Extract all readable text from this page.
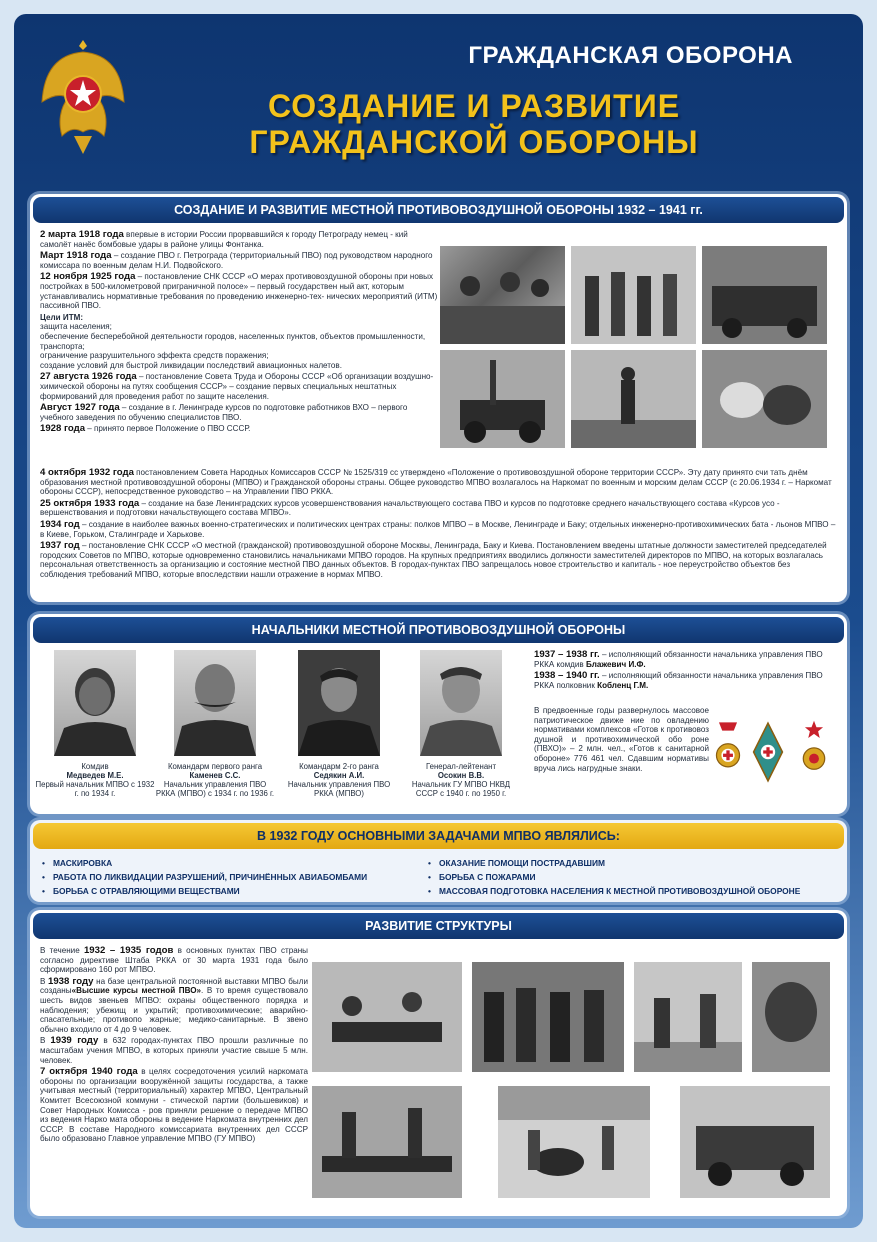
ГРАЖДАНСКАЯ ОБОРОНА
СОЗДАНИЕ И РАЗВИТИЕ
ГРАЖДАНСКОЙ ОБОРОНЫ
СОЗДАНИЕ И РАЗВИТИЕ МЕСТНОЙ ПРОТИВОВОЗДУШНОЙ ОБОРОНЫ 1932 – 1941 гг.
2 марта 1918 года впервые в истории России прорвавшийся к городу Петрограду немец - кий самолёт нанёс бомбовые удары в районе улицы Фонтанка.
Март 1918 года – создание ПВО г. Петрограда (территориальный ПВО) под руководством народного комиссара по военным делам Н.И. Подвойского.
12 ноября 1925 года – постановление СНК СССР «О мерах противовоздушной обороны при новых постройках в 500-километровой приграничной полосе» – первый государствен ный акт, которым устанавливались нормативные требования по проведению инженерно-тех- нических мероприятий (ИТМ) пассивной ПВО.
Цели ИТМ:
защита населения;
обеспечение бесперебойной деятельности городов, населенных пунктов, объектов промышленности, транспорта;
ограничение разрушительного эффекта средств поражения;
создание условий для быстрой ликвидации последствий авиационных налетов.
27 августа 1926 года – постановление Совета Труда и Обороны СССР «Об организации воздушно-химической обороны на путях сообщения СССР» – создание первых специальных нештатных формирований для проведения работ по защите населения.
Август 1927 года – создание в г. Ленинграде курсов по подготовке работников ВХО – первого учебного заведения по обучению специалистов ПВО.
1928 года – принято первое Положение о ПВО СССР.
4 октября 1932 года постановлением Совета Народных Комиссаров СССР № 1525/319 сс утверждено «Положение о противовоздушной обороне территории СССР». Эту дату принято счи тать днём образования местной противовоздушной обороны (МПВО) и Гражданской обороны страны. Общее руководство МПВО возлагалось на Наркомат по военным и морским делам СССР (с 20.06.1934 г. – Наркомат обороны СССР), непосредственное руководство – на Управлении ПВО РККА.
25 октября 1933 года – создание на базе Ленинградских курсов усовершенствования начальствующего состава ПВО и курсов по подготовке среднего начальствующего состава «Курсов усо - вершенствования и подготовки начальствующего состава МПВО».
1934 год – создание в наиболее важных военно-стратегических и политических центрах страны: полков МПВО – в Москве, Ленинграде и Баку; отдельных инженерно-противохимических бата - льонов МПВО – в Киеве, Горьком, Сталинграде и Харькове.
1937 год – постановление СНК СССР «О местной (гражданской) противовоздушной обороне Москвы, Ленинграда, Баку и Киева. Постановлением введены штатные должности заместителей председателей городских Советов по МПВО, которые одновременно становились начальниками МПВО городов. На крупных предприятиях вводились должности заместителей директоров по МПВО, на которых возлагалась персональная ответственность за организацию и состояние местной ПВО данных объектов. В городах-пунктах ПВО запрещалось новое строительство и капиталь - ное переустройство объектов без соблюдения требований МПВО, которые впоследствии нашли отражение в нормах МПВО.
НАЧАЛЬНИКИ МЕСТНОЙ ПРОТИВОВОЗДУШНОЙ ОБОРОНЫ
Комдив
Медведев М.Е.
Первый начальник МПВО с 1932 г. по 1934 г.
Командарм первого ранга
Каменев С.С.
Начальник управления ПВО РККА (МПВО) с 1934 г. по 1936 г.
Командарм 2-го ранга
Седякин А.И.
Начальник управления ПВО РККА (МПВО)
Генерал-лейтенант
Осокин В.В.
Начальник ГУ МПВО НКВД СССР с 1940 г. по 1950 г.
1937 – 1938 гг. – исполняющий обязанности начальника управления ПВО РККА комдив Блажевич И.Ф.
1938 – 1940 гг. – исполняющий обязанности начальника управления ПВО РККА полковник Кобленц Г.М.
В предвоенные годы развернулось массовое патриотическое движе ние по овладению нормативами комплексов «Готов к противовоз душной и противохимической обо роне (ПВХО)» – 2 млн. чел., «Готов к санитарной обороне» 776 461 чел. Сдавшим нормативы вруча лись нагрудные знаки.
В 1932 ГОДУ ОСНОВНЫМИ ЗАДАЧАМИ МПВО ЯВЛЯЛИСЬ:
• МАСКИРОВКА
• РАБОТА ПО ЛИКВИДАЦИИ РАЗРУШЕНИЙ, ПРИЧИНЁННЫХ АВИАБОМБАМИ
• БОРЬБА С ОТРАВЛЯЮЩИМИ ВЕЩЕСТВАМИ
• ОКАЗАНИЕ ПОМОЩИ ПОСТРАДАВШИМ
• БОРЬБА С ПОЖАРАМИ
• МАССОВАЯ ПОДГОТОВКА НАСЕЛЕНИЯ К МЕСТНОЙ ПРОТИВОВОЗДУШНОЙ ОБОРОНЕ
РАЗВИТИЕ СТРУКТУРЫ
В течение 1932 – 1935 годов в основных пунктах ПВО страны согласно директиве Штаба РККА от 30 марта 1931 года было сформировано 160 рот МПВО.
В 1938 году на базе центральной постоянной выставки МПВО были созданы«Высшие курсы местной ПВО». В то время существовало шесть видов звеньев МПВО: охраны общественного порядка и наблюдения; убежищ и укрытий; противохимические; аварийно-спасательные; противопо жарные; медико-санитарные. В звено обычно входило от 4 до 9 человек.
В 1939 году в 632 городах-пунктах ПВО прошли различные по масштабам учения МПВО, в которых приняли участие свыше 5 млн. человек.
7 октября 1940 года в целях сосредоточения усилий наркомата обороны по организации вооружённой защиты государства, а также учитывая местный (территориальный) характер МПВО, Центральный Комитет Всесоюзной коммуни - стической партии (большевиков) и Совет Народных Комисса - ров приняли решение о передаче МПВО из ведения Нарко мата обороны в ведение Наркомата внутренних дел СССР. В составе Народного комиссариата внутренних дел СССР было образовано Главное управление МПВО (ГУ МПВО)
